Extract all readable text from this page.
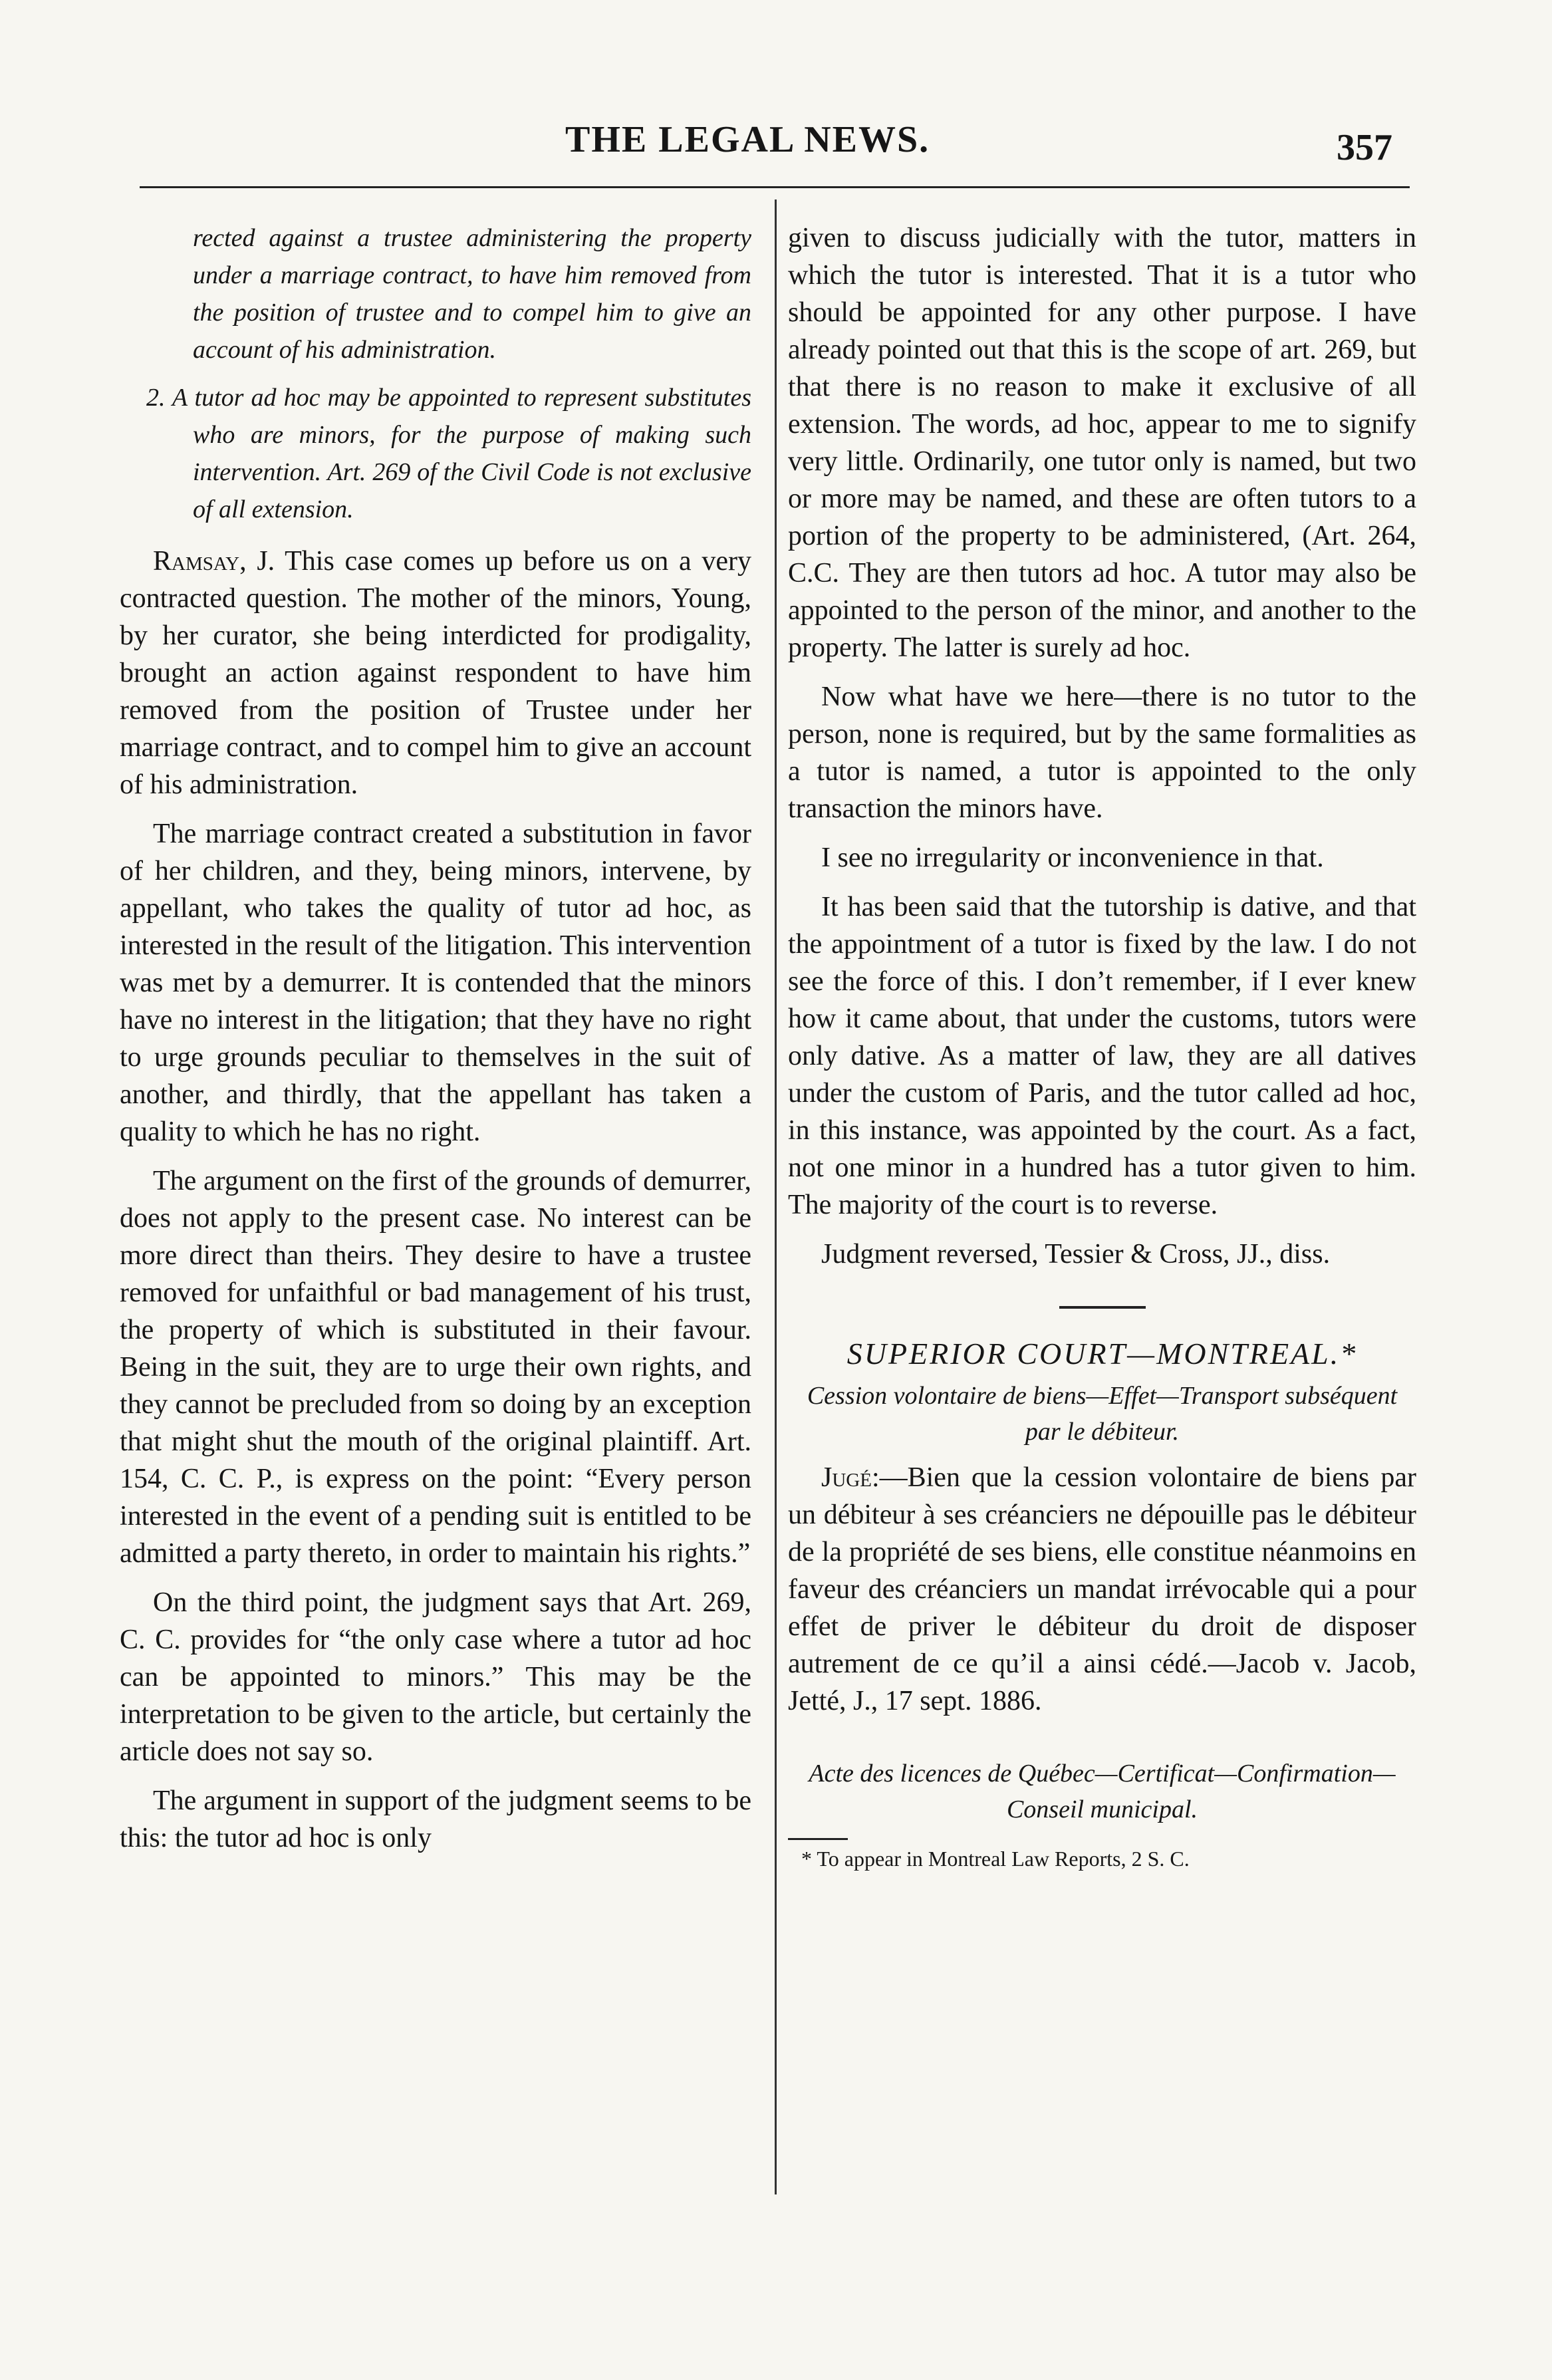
THE LEGAL NEWS.	357

rected against a trustee administering the property under a marriage contract, to have him removed from the position of trustee and to compel him to give an account of his administration.

2. A tutor ad hoc may be appointed to represent substitutes who are minors, for the purpose of making such intervention. Art. 269 of the Civil Code is not exclusive of all extension.

Ramsay, J. This case comes up before us on a very contracted question. The mother of the minors, Young, by her curator, she being interdicted for prodigality, brought an action against respondent to have him removed from the position of Trustee under her marriage contract, and to compel him to give an account of his administration.

The marriage contract created a substitution in favor of her children, and they, being minors, intervene, by appellant, who takes the quality of tutor ad hoc, as interested in the result of the litigation. This intervention was met by a demurrer. It is contended that the minors have no interest in the litigation; that they have no right to urge grounds peculiar to themselves in the suit of another, and thirdly, that the appellant has taken a quality to which he has no right.

The argument on the first of the grounds of demurrer, does not apply to the present case. No interest can be more direct than theirs. They desire to have a trustee removed for unfaithful or bad management of his trust, the property of which is substituted in their favour. Being in the suit, they are to urge their own rights, and they cannot be precluded from so doing by an exception that might shut the mouth of the original plaintiff. Art. 154, C. C. P., is express on the point: “Every person interested in the event of a pending suit is entitled to be admitted a party thereto, in order to maintain his rights.”

On the third point, the judgment says that Art. 269, C. C. provides for “the only case where a tutor ad hoc can be appointed to minors.” This may be the interpretation to be given to the article, but certainly the article does not say so.

The argument in support of the judgment seems to be this: the tutor ad hoc is only

given to discuss judicially with the tutor, matters in which the tutor is interested. That it is a tutor who should be appointed for any other purpose. I have already pointed out that this is the scope of art. 269, but that there is no reason to make it exclusive of all extension. The words, ad hoc, appear to me to signify very little. Ordinarily, one tutor only is named, but two or more may be named, and these are often tutors to a portion of the property to be administered, (Art. 264, C.C. They are then tutors ad hoc. A tutor may also be appointed to the person of the minor, and another to the property. The latter is surely ad hoc.

Now what have we here—there is no tutor to the person, none is required, but by the same formalities as a tutor is named, a tutor is appointed to the only transaction the minors have.

I see no irregularity or inconvenience in that.

It has been said that the tutorship is dative, and that the appointment of a tutor is fixed by the law. I do not see the force of this. I don’t remember, if I ever knew how it came about, that under the customs, tutors were only dative. As a matter of law, they are all datives under the custom of Paris, and the tutor called ad hoc, in this instance, was appointed by the court. As a fact, not one minor in a hundred has a tutor given to him. The majority of the court is to reverse.

Judgment reversed, Tessier & Cross, JJ., diss.

SUPERIOR COURT—MONTREAL.*
Cession volontaire de biens—Effet—Transport subséquent par le débiteur.

Jugé:—Bien que la cession volontaire de biens par un débiteur à ses créanciers ne dépouille pas le débiteur de la propriété de ses biens, elle constitue néanmoins en faveur des créanciers un mandat irrévocable qui a pour effet de priver le débiteur du droit de disposer autrement de ce qu’il a ainsi cédé.—Jacob v. Jacob, Jetté, J., 17 sept. 1886.

Acte des licences de Québec—Certificat—Confirmation—Conseil municipal.
* To appear in Montreal Law Reports, 2 S. C.
